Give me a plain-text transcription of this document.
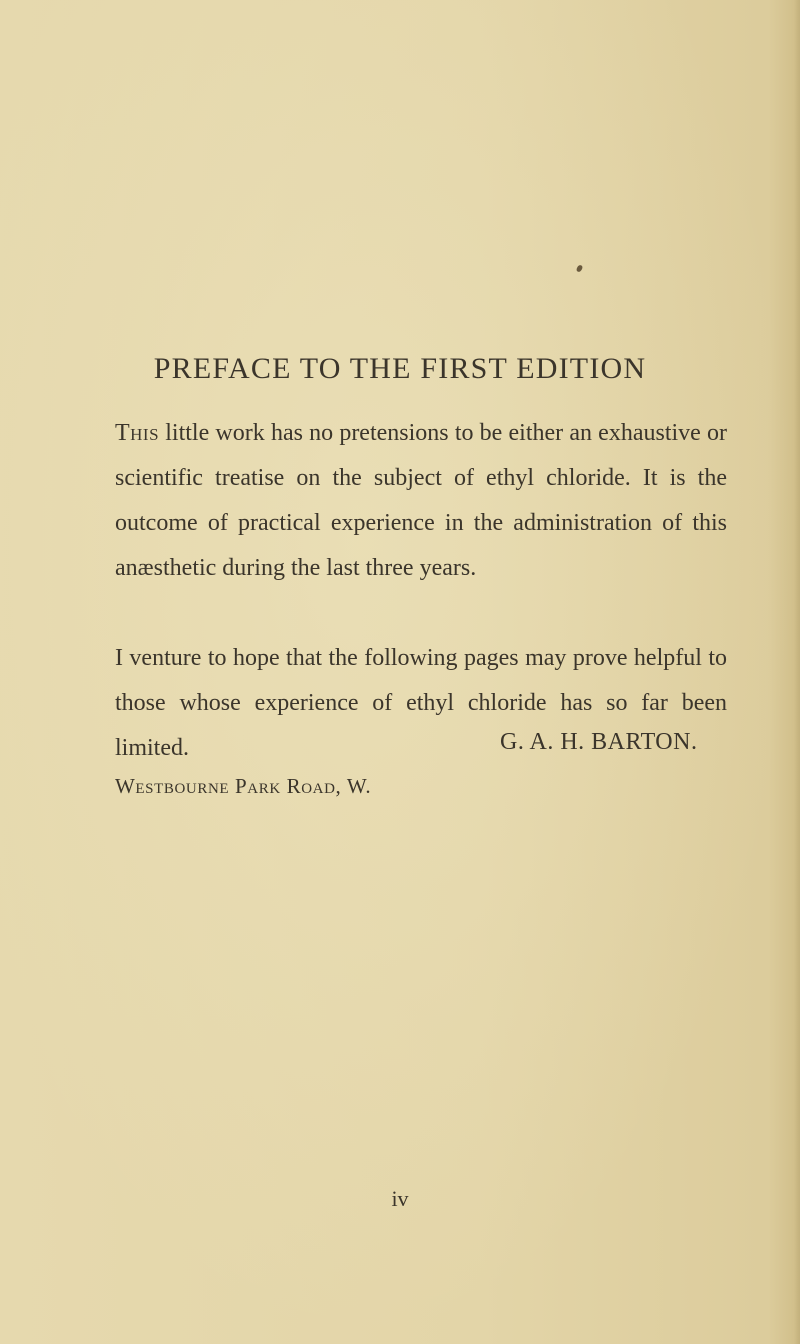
PREFACE TO THE FIRST EDITION

This little work has no pretensions to be either an exhaustive or scientific treatise on the subject of ethyl chloride. It is the outcome of practical experience in the administration of this anæsthetic during the last three years.

I venture to hope that the following pages may prove helpful to those whose experience of ethyl chloride has so far been limited.	G. A. H. BARTON.
Westbourne Park Road, W.
iv
